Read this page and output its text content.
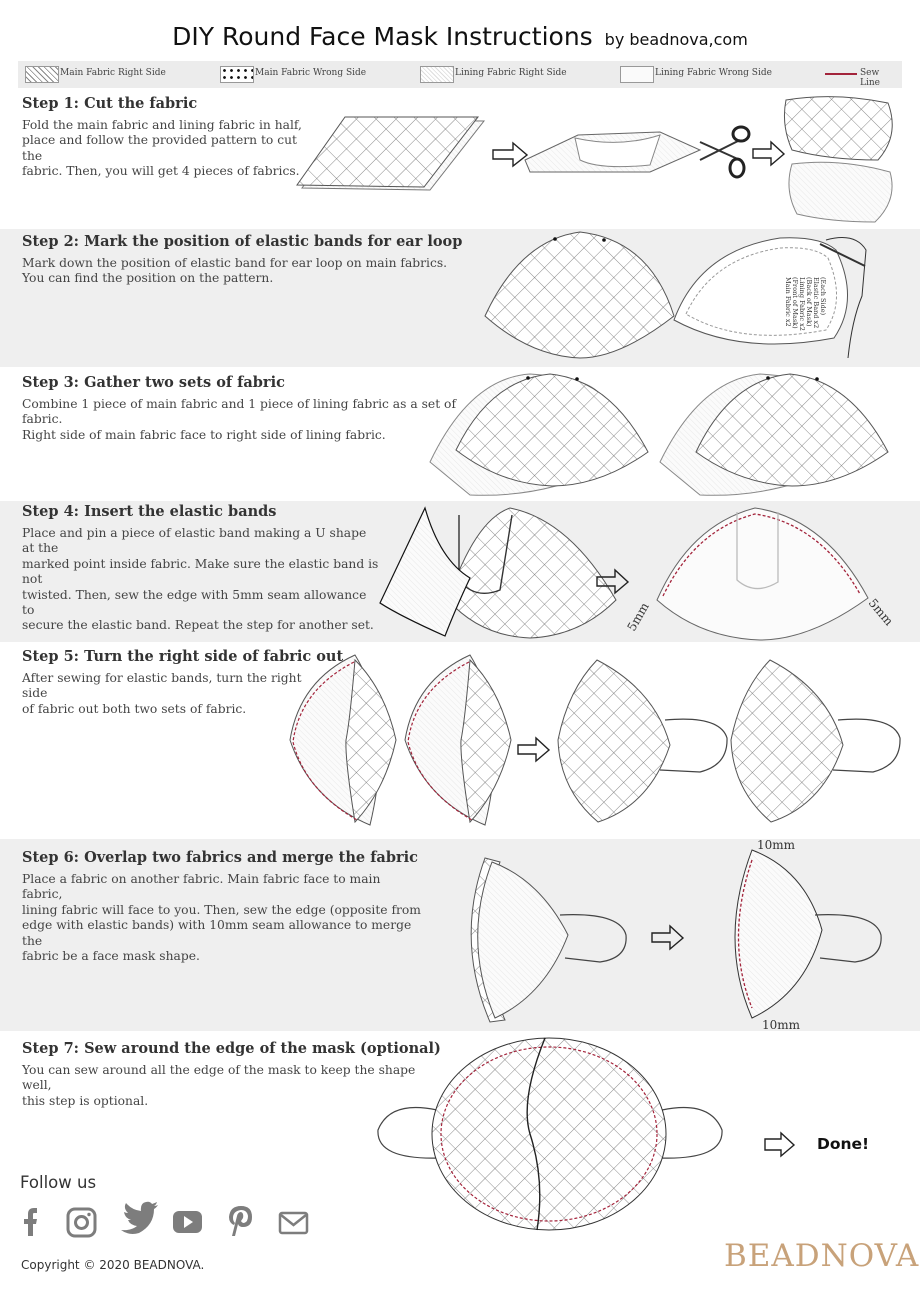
DIY Round Face Mask Instructions by beadnova,com
Main Fabric Right Side	Main Fabric Wrong Side	Lining Fabric Right Side	Lining Fabric Wrong Side	Sew Line
Main Fabric x2 (Front of Mask) Lining Fabric x2 (Back of Mask) Elastic Band x2 (Each Side)
5mm	5mm
10mm
10mm
Step 1: Cut the fabric
Fold the main fabric and lining fabric in half,
place and follow the provided pattern to cut the
fabric. Then, you will get 4 pieces of fabrics.
Step 2: Mark the position of elastic bands for ear loop
Mark down the position of elastic band for ear loop on main fabrics.
You can find the position on the pattern.
Step 3: Gather two sets of fabric
Combine 1 piece of main fabric and 1 piece of lining fabric as a set of fabric.
Right side of main fabric face to right side of lining fabric.
Step 4: Insert the elastic bands
Place and pin a piece of elastic band making a U shape at the
marked point inside fabric. Make sure the elastic band is not
twisted. Then, sew the edge with 5mm seam allowance to
secure the elastic band. Repeat the step for another set.
Step 5: Turn the right side of fabric out
After sewing for elastic bands, turn the right side
of fabric out both two sets of fabric.
Step 6: Overlap two fabrics and merge the fabric
Place a fabric on another fabric. Main fabric face to main fabric,
lining fabric will face to you. Then, sew the edge (opposite from
edge with elastic bands) with 10mm seam allowance to merge the
fabric be a face mask shape.
Step 7: Sew around the edge of the mask (optional)
You can sew around all the edge of the mask to keep the shape well,
this step is optional.
Done!
Follow us
Copyright © 2020 BEADNOVA.	BEADNOVA
